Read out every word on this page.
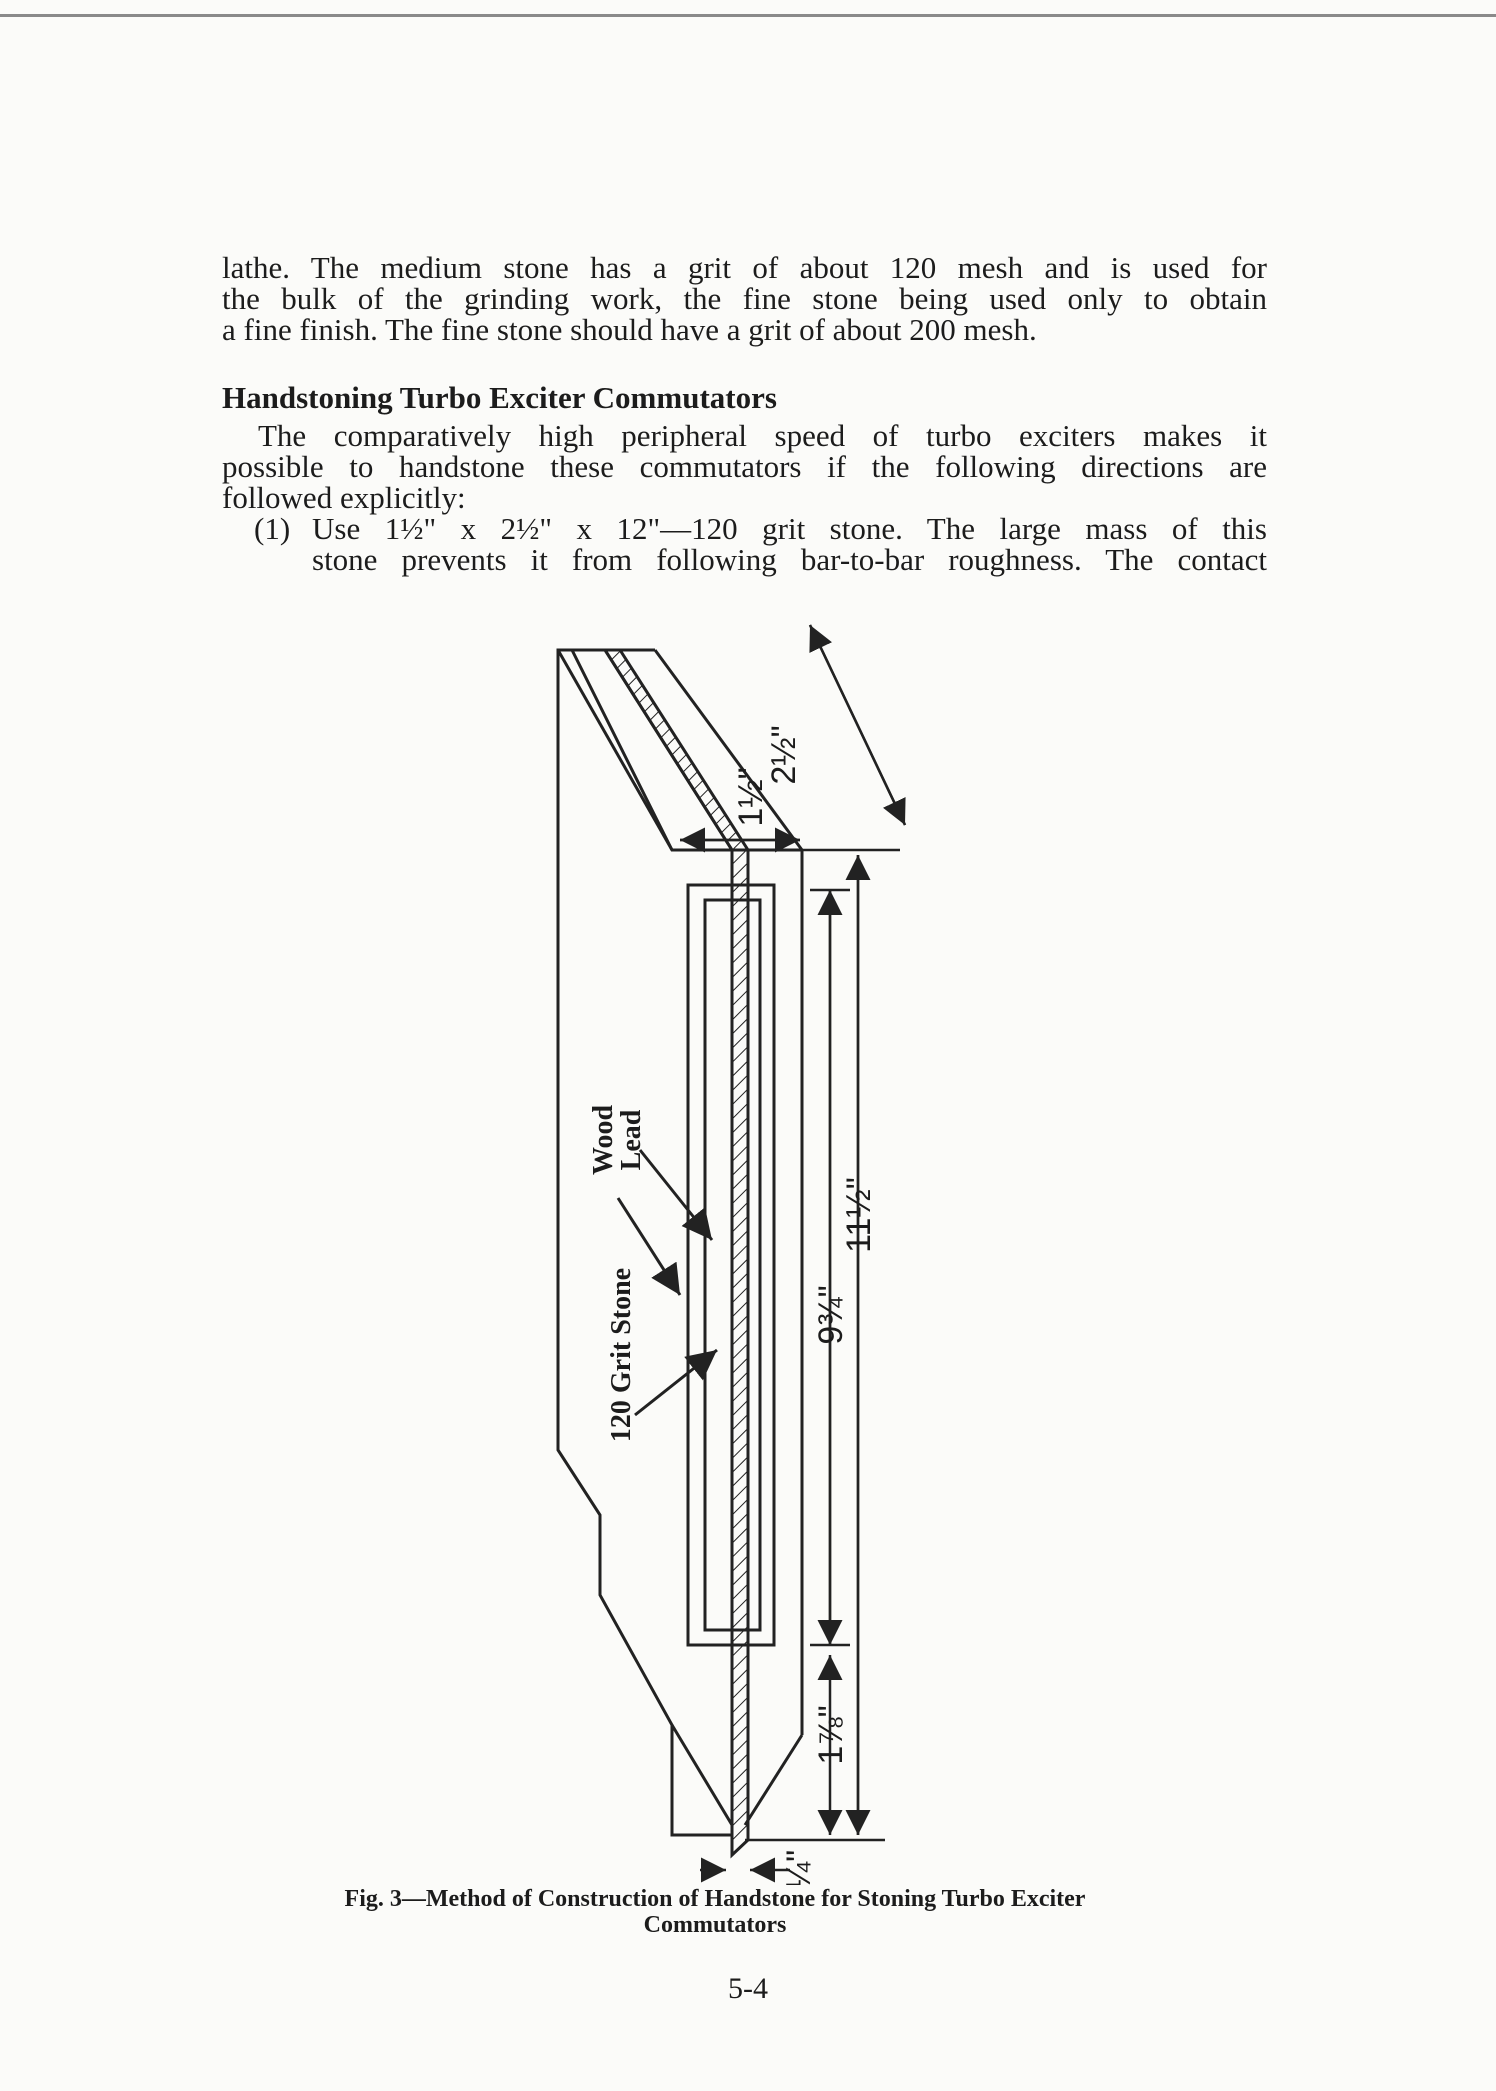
lathe. The medium stone has a grit of about 120 mesh and is used for

the bulk of the grinding work, the fine stone being used only to obtain

a fine finish. The fine stone should have a grit of about 200 mesh.

Handstoning Turbo Exciter Commutators

The comparatively high peripheral speed of turbo exciters makes it

possible to handstone these commutators if the following directions are

followed explicitly:

(1) Use 1½" x 2½" x 12"—120 grit stone. The large mass of this

stone prevents it from following bar-to-bar roughness. The contact

Wood
Lead
120 Grit Stone
1½"
2½"
11½"
9¾"
1⅞"
¼"
Fig. 3—Method of Construction of Handstone for Stoning Turbo Exciter
Commutators
5-4
